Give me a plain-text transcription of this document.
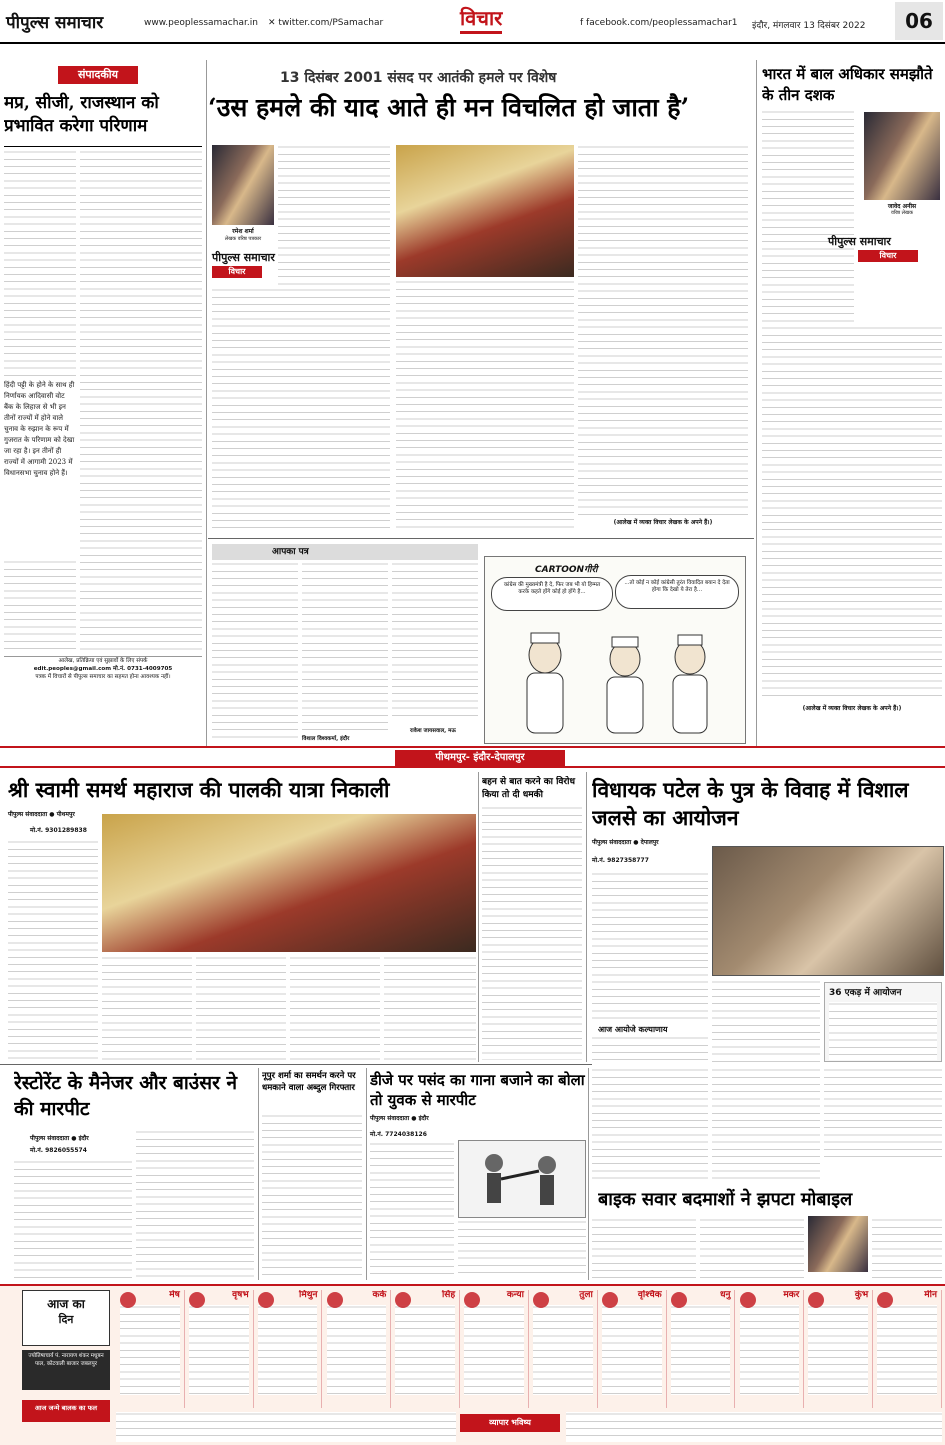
पीपुल्स समाचार	www.peoplessamachar.in ✕ twitter.com/PSamachar	विचार	f facebook.com/peoplessamachar1 इंदौर, मंगलवार 13 दिसंबर 2022	06
संपादकीय
मप्र, सीजी, राजस्थान को प्रभावित करेगा परिणाम
हिंदी पट्टी के होने के साथ ही निर्णायक आदिवासी वोट बैंक के लिहाज से भी इन तीनों राज्यों में होने वाले चुनाव के रुझान के रूप में गुजरात के परिणाम को देखा जा रहा है। इन तीनों ही राज्यों में आगामी 2023 में विधानसभा चुनाव होने हैं।
आलेख, प्रतिक्रिया एवं सुझावों के लिए संपर्क
edit.peoples@gmail.com मो.नं. 0731-4009705
पत्रक में विचारों से पीपुल्स समाचार का सहमत होना आवश्यक नहीं।
13 दिसंबर 2001 संसद पर आतंकी हमले पर विशेष
‘उस हमले की याद आते ही मन विचलित हो जाता है’
रमेश शर्मा
लेखक वरिष्ठ पत्रकार
पीपुल्स समाचार
विचार
(आलेख में व्यक्त विचार लेखक के अपने हैं।)
आपका पत्र
विशाल विश्वकर्मा, इंदौर
राकेश जायसवाल, मऊ
CARTOONगीरी
कांग्रेस की मुख्यमंत्री है दे, फिर जब भी यो हिम्मत करके कहते होंगे कोई हो होंगे है...
...तो कोई न कोई कांग्रेसी तुरंत विवादित बयान दे देता होगा कि देखो ये तेरा है...
भारत में बाल अधिकार समझौते के तीन दशक
जावेद अनीस
वरिष्ठ लेखक
पीपुल्स समाचार
विचार
(आलेख में व्यक्त विचार लेखक के अपने हैं।)
पीथमपुर- इंदौर-देपालपुर
श्री स्वामी समर्थ महाराज की पालकी यात्रा निकाली
पीपुल्स संवाददाता ● पीथमपुर
मो.नं. 9301289838
बहन से बात करने का विरोध किया तो दी धमकी	विधायक पटेल के पुत्र के विवाह में विशाल जलसे का आयोजन
पीपुल्स संवाददाता ● देपालपुर
मो.नं. 9827358777
36 एकड़ में आयोजन
आज आयोजे कल्याणाय
रेस्टोरेंट के मैनेजर और बाउंसर ने की मारपीट
पीपुल्स संवाददाता ● इंदौर
मो.नं. 9826055574
नूपुर शर्मा का समर्थन करने पर धमकाने वाला अब्दुल गिरफ्तार	डीजे पर पसंद का गाना बजाने का बोला तो युवक से मारपीट
पीपुल्स संवाददाता ● इंदौर
मो.नं. 7724038126
बाइक सवार बदमाशों ने झपटा मोबाइल
आज का
दिन
ज्योतिषाचार्य पं. नारायण शंकर मधुबन पाल, कोटवाली बाजार जबलपुर
आज जन्मे बालक का फल
मेष	वृषभ	मिथुन	कर्क	सिंह	कन्या	तुला	वृश्चिक	धनु	मकर	कुंभ	मीन
व्यापार भविष्य
